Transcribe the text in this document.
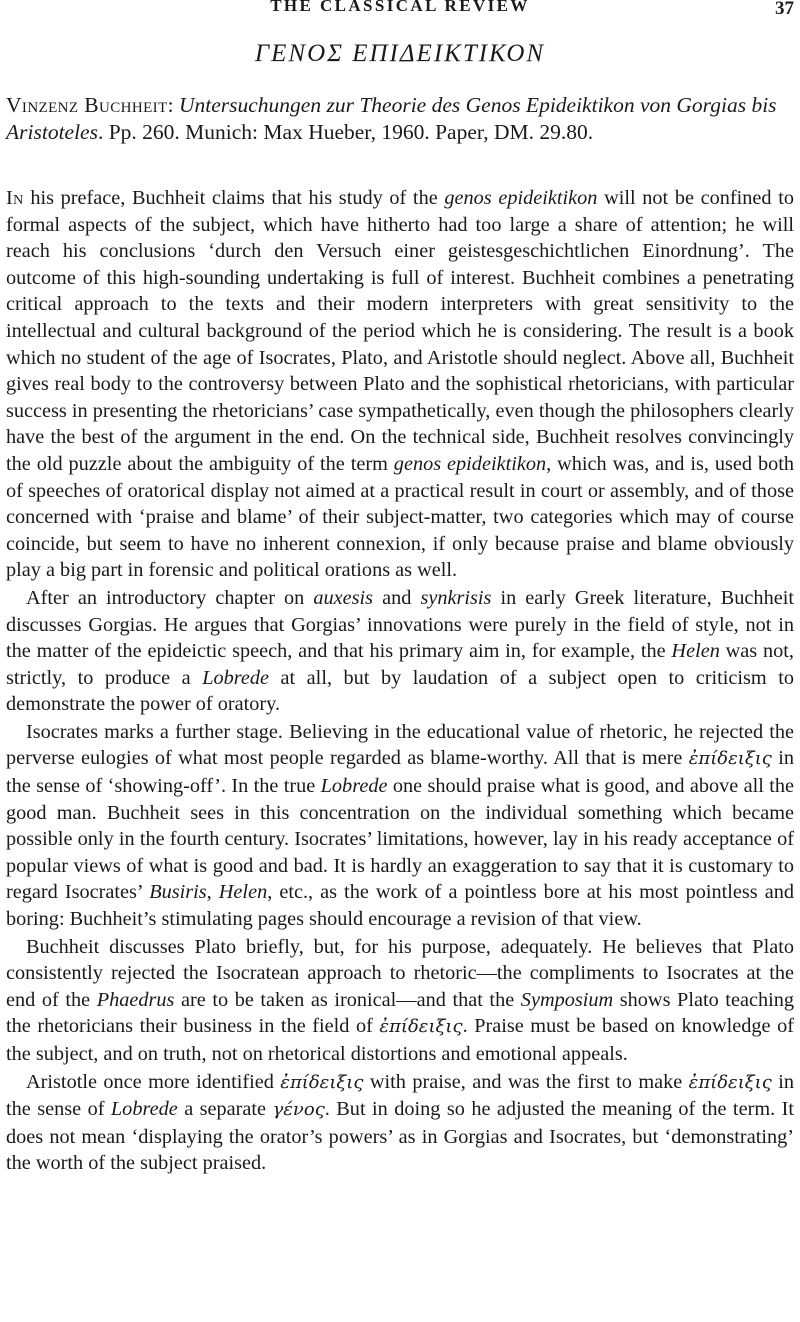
THE CLASSICAL REVIEW	37
ΓΕΝΟΣ ΕΠΙΔΕΙΚΤΙΚΟΝ
Vinzenz Buchheit: Untersuchungen zur Theorie des Genos Epideiktikon von Gorgias bis Aristoteles. Pp. 260. Munich: Max Hueber, 1960. Paper, DM. 29.80.

In his preface, Buchheit claims that his study of the genos epideiktikon will not be confined to formal aspects of the subject, which have hitherto had too large a share of attention; he will reach his conclusions ‘durch den Versuch einer geistesgeschichtlichen Einordnung’. The outcome of this high-sounding undertaking is full of interest. Buchheit combines a penetrating critical approach to the texts and their modern interpreters with great sensitivity to the intellectual and cultural background of the period which he is considering. The result is a book which no student of the age of Isocrates, Plato, and Aristotle should neglect. Above all, Buchheit gives real body to the controversy between Plato and the sophistical rhetoricians, with particular success in presenting the rhetoricians’ case sympathetically, even though the philosophers clearly have the best of the argument in the end. On the technical side, Buchheit resolves convincingly the old puzzle about the ambiguity of the term genos epideiktikon, which was, and is, used both of speeches of oratorical display not aimed at a practical result in court or assembly, and of those concerned with ‘praise and blame’ of their subject-matter, two categories which may of course coincide, but seem to have no inherent connexion, if only because praise and blame obviously play a big part in forensic and political orations as well.

After an introductory chapter on auxesis and synkrisis in early Greek literature, Buchheit discusses Gorgias. He argues that Gorgias’ innovations were purely in the field of style, not in the matter of the epideictic speech, and that his primary aim in, for example, the Helen was not, strictly, to produce a Lobrede at all, but by laudation of a subject open to criticism to demonstrate the power of oratory.

Isocrates marks a further stage. Believing in the educational value of rhetoric, he rejected the perverse eulogies of what most people regarded as blame-worthy. All that is mere ἐπίδειξις in the sense of ‘showing-off’. In the true Lobrede one should praise what is good, and above all the good man. Buchheit sees in this concentration on the individual something which became possible only in the fourth century. Isocrates’ limitations, however, lay in his ready acceptance of popular views of what is good and bad. It is hardly an exaggeration to say that it is customary to regard Isocrates’ Busiris, Helen, etc., as the work of a pointless bore at his most pointless and boring: Buchheit’s stimulating pages should encourage a revision of that view.

Buchheit discusses Plato briefly, but, for his purpose, adequately. He believes that Plato consistently rejected the Isocratean approach to rhetoric—the compliments to Isocrates at the end of the Phaedrus are to be taken as ironical—and that the Symposium shows Plato teaching the rhetoricians their business in the field of ἐπίδειξις. Praise must be based on knowledge of the subject, and on truth, not on rhetorical distortions and emotional appeals.

Aristotle once more identified ἐπίδειξις with praise, and was the first to make ἐπίδειξις in the sense of Lobrede a separate γένος. But in doing so he adjusted the meaning of the term. It does not mean ‘displaying the orator’s powers’ as in Gorgias and Isocrates, but ‘demonstrating’ the worth of the subject praised.
